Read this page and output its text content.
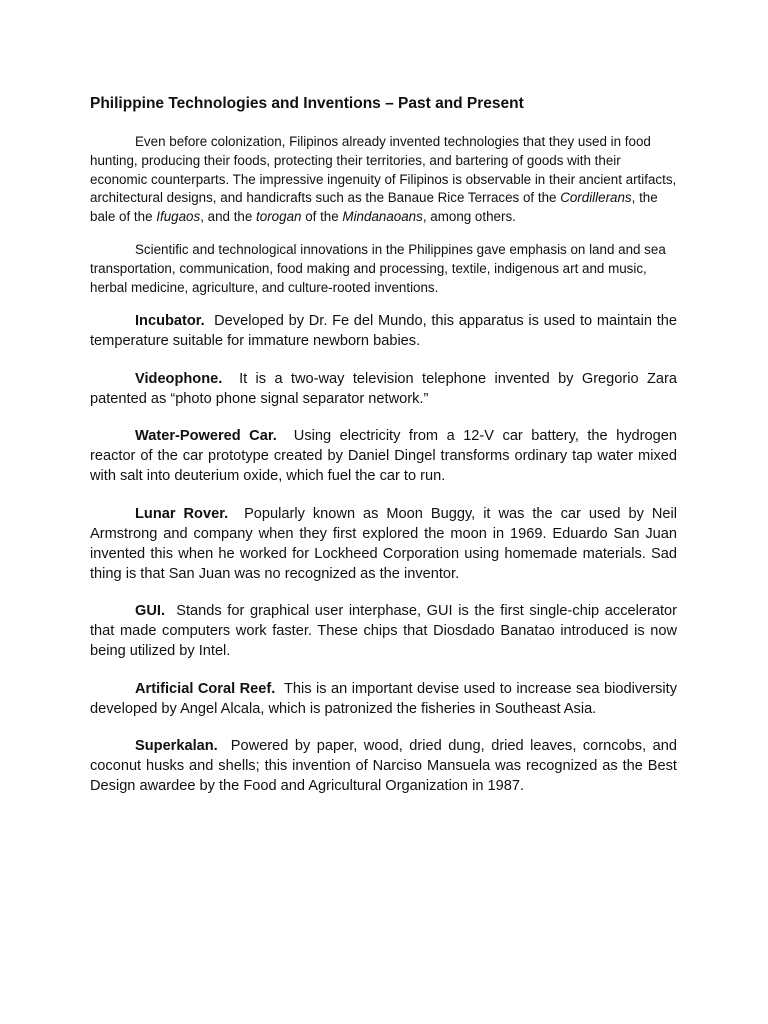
Philippine Technologies and Inventions – Past and Present

Even before colonization, Filipinos already invented technologies that they used in food hunting, producing their foods, protecting their territories, and bartering of goods with their economic counterparts. The impressive ingenuity of Filipinos is observable in their ancient artifacts, architectural designs, and handicrafts such as the Banaue Rice Terraces of the Cordillerans, the bale of the Ifugaos, and the torogan of the Mindanaoans, among others.

Scientific and technological innovations in the Philippines gave emphasis on land and sea transportation, communication, food making and processing, textile, indigenous art and music, herbal medicine, agriculture, and culture-rooted inventions.

Incubator. Developed by Dr. Fe del Mundo, this apparatus is used to maintain the temperature suitable for immature newborn babies.

Videophone. It is a two-way television telephone invented by Gregorio Zara patented as “photo phone signal separator network.”

Water-Powered Car. Using electricity from a 12-V car battery, the hydrogen reactor of the car prototype created by Daniel Dingel transforms ordinary tap water mixed with salt into deuterium oxide, which fuel the car to run.

Lunar Rover. Popularly known as Moon Buggy, it was the car used by Neil Armstrong and company when they first explored the moon in 1969. Eduardo San Juan invented this when he worked for Lockheed Corporation using homemade materials. Sad thing is that San Juan was no recognized as the inventor.

GUI. Stands for graphical user interphase, GUI is the first single-chip accelerator that made computers work faster. These chips that Diosdado Banatao introduced is now being utilized by Intel.

Artificial Coral Reef. This is an important devise used to increase sea biodiversity developed by Angel Alcala, which is patronized the fisheries in Southeast Asia.

Superkalan. Powered by paper, wood, dried dung, dried leaves, corncobs, and coconut husks and shells; this invention of Narciso Mansuela was recognized as the Best Design awardee by the Food and Agricultural Organization in 1987.
